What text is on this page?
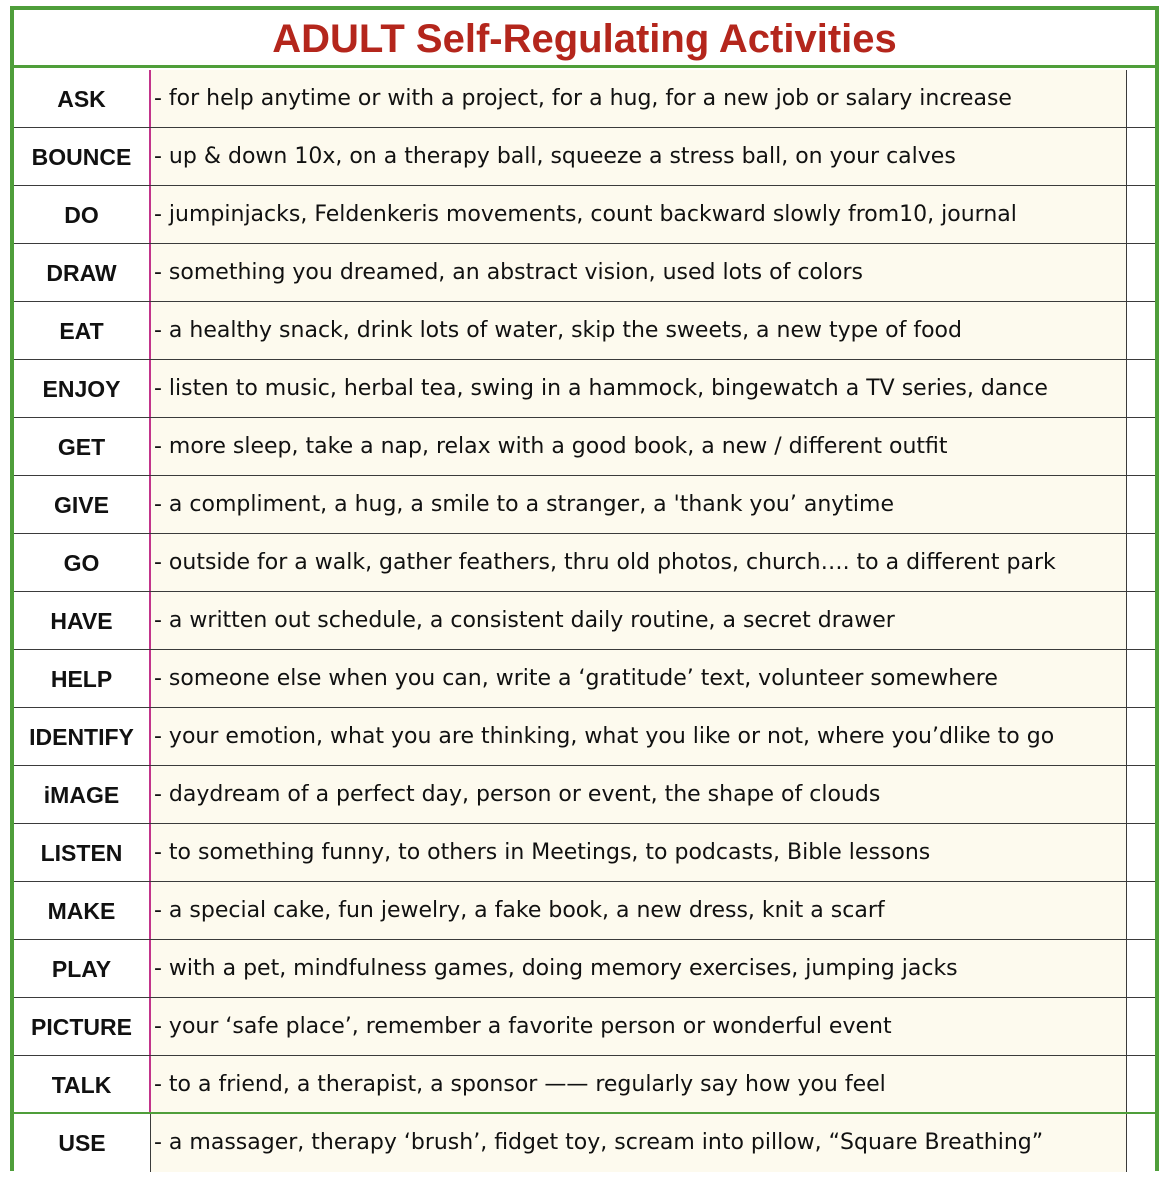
ADULT Self-Regulating Activities
ASK	- for help anytime or with a project, for a hug, for a new job or salary increase
BOUNCE	- up & down 10x, on a therapy ball, squeeze a stress ball, on your calves
DO	- jumpinjacks, Feldenkeris movements, count backward slowly from10, journal
DRAW	- something you dreamed, an abstract vision, used lots of colors
EAT	- a healthy snack, drink lots of water, skip the sweets, a new type of food
ENJOY	- listen to music, herbal tea, swing in a hammock, bingewatch a TV series, dance
GET	- more sleep, take a nap, relax with a good book, a new / different outfit
GIVE	- a compliment, a hug, a smile to a stranger, a 'thank you’ anytime
GO	- outside for a walk, gather feathers, thru old photos, church…. to a different park
HAVE	- a written out schedule, a consistent daily routine, a secret drawer
HELP	- someone else when you can, write a ‘gratitude’ text, volunteer somewhere
IDENTIFY - your emotion, what you are thinking, what you like or not, where you’dlike to go
iMAGE	- daydream of a perfect day, person or event, the shape of clouds
LISTEN	- to something funny, to others in Meetings, to podcasts, Bible lessons
MAKE	- a special cake, fun jewelry, a fake book, a new dress, knit a scarf
PLAY	- with a pet, mindfulness games, doing memory exercises, jumping jacks
PICTURE	- your ‘safe place’, remember a favorite person or wonderful event
TALK	- to a friend, a therapist, a sponsor —— regularly say how you feel
USE	- a massager, therapy ‘brush’, fidget toy, scream into pillow, “Square Breathing”
